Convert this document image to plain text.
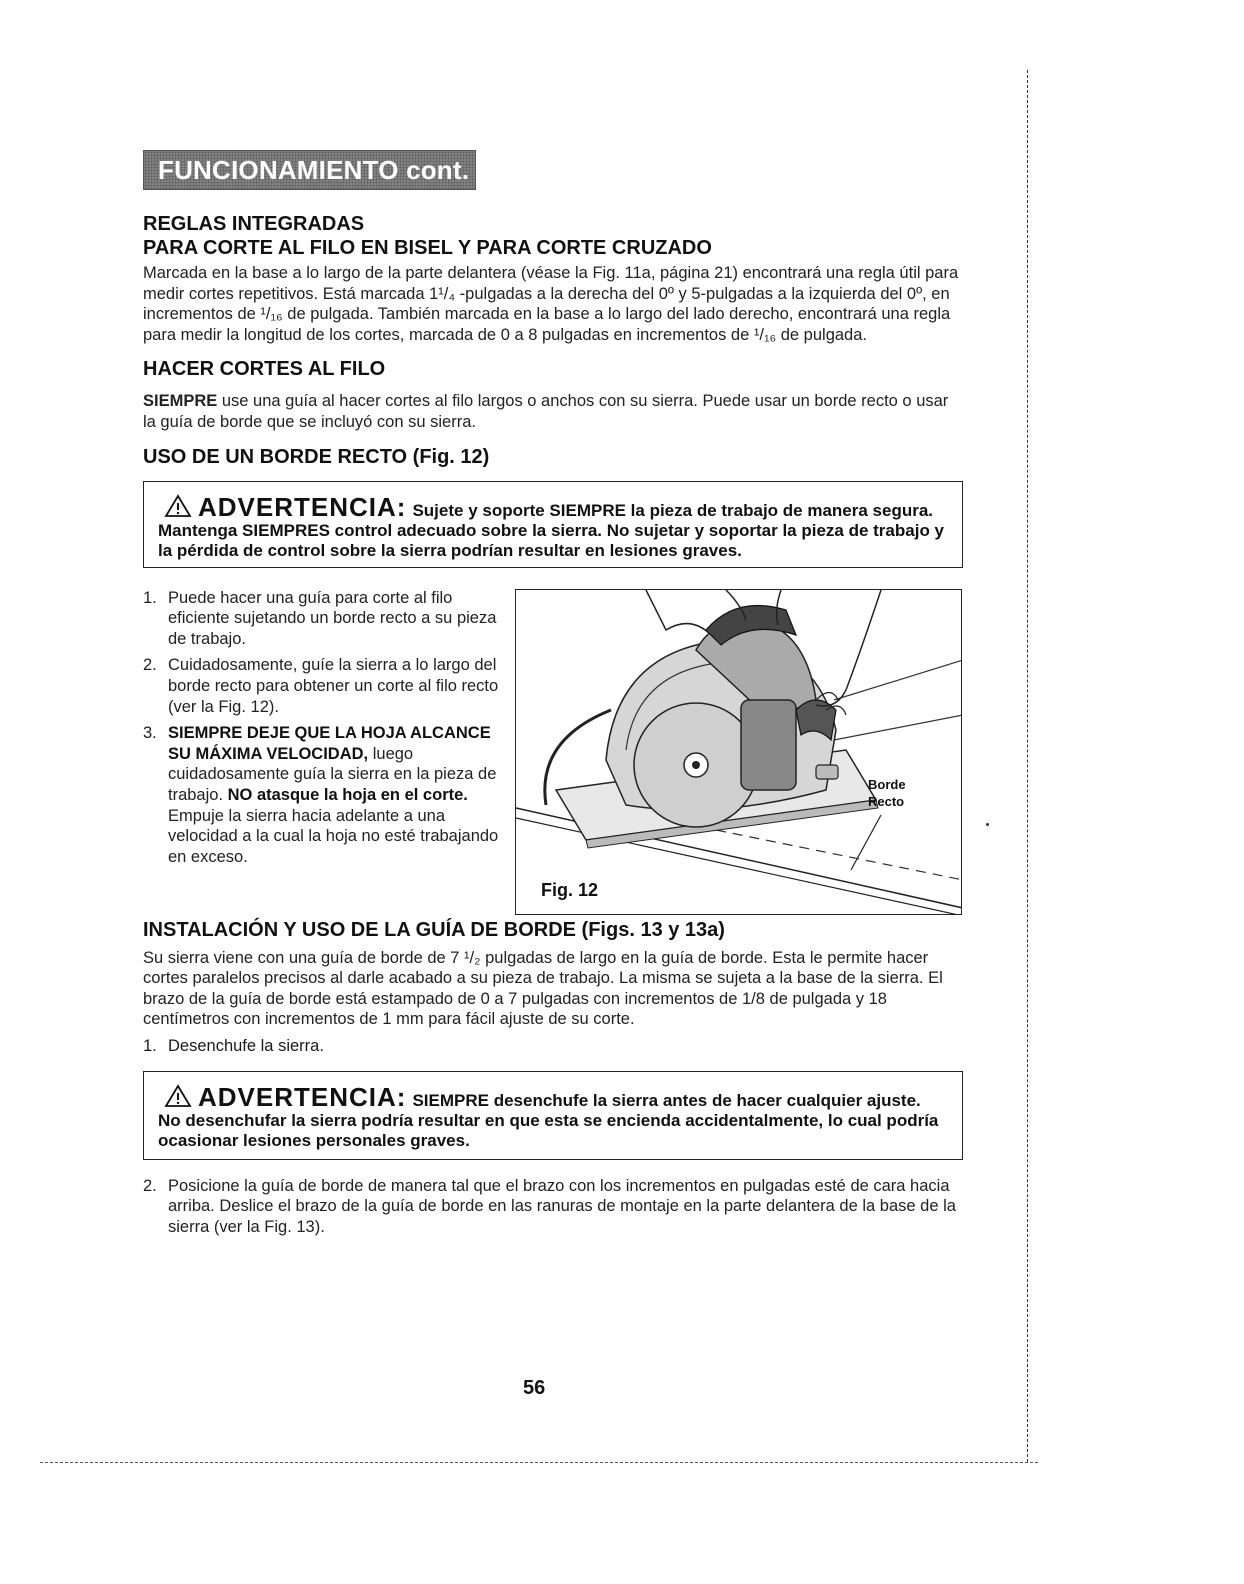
FUNCIONAMIENTO cont.
REGLAS INTEGRADAS
PARA CORTE AL FILO EN BISEL Y PARA CORTE CRUZADO

Marcada en la base a lo largo de la parte delantera (véase la Fig. 11a, página 21) encontrará una regla útil para medir cortes repetitivos. Está marcada 1¹/₄ -pulgadas a la derecha del 0º y 5-pulgadas a la izquierda del 0º, en incrementos de ¹/₁₆ de pulgada. También marcada en la base a lo largo del lado derecho, encontrará una regla para medir la longitud de los cortes, marcada de 0 a 8 pulgadas en incrementos de ¹/₁₆ de pulgada.

HACER CORTES AL FILO

SIEMPRE use una guía al hacer cortes al filo largos o anchos con su sierra. Puede usar un borde recto o usar la guía de borde que se incluyó con su sierra.

USO DE UN BORDE RECTO (Fig. 12)
ADVERTENCIA: Sujete y soporte SIEMPRE la pieza de trabajo de manera segura. Mantenga SIEMPRES control adecuado sobre la sierra. No sujetar y soportar la pieza de trabajo y la pérdida de control sobre la sierra podrían resultar en lesiones graves.
1. Puede hacer una guía para corte al filo eficiente sujetando un borde recto a su pieza de trabajo.
2. Cuidadosamente, guíe la sierra a lo largo del borde recto para obtener un corte al filo recto (ver la Fig. 12).
3. SIEMPRE DEJE QUE LA HOJA ALCANCE SU MÁXIMA VELOCIDAD, luego cuidadosamente guía la sierra en la pieza de trabajo. NO atasque la hoja en el corte. Empuje la sierra hacia adelante a una velocidad a la cual la hoja no esté trabajando en exceso.
Borde
Recto
Fig. 12
INSTALACIÓN Y USO DE LA GUÍA DE BORDE (Figs. 13 y 13a)

Su sierra viene con una guía de borde de 7 ¹/₂ pulgadas de largo en la guía de borde. Esta le permite hacer cortes paralelos precisos al darle acabado a su pieza de trabajo. La misma se sujeta a la base de la sierra. El brazo de la guía de borde está estampado de 0 a 7 pulgadas con incrementos de 1/8 de pulgada y 18 centímetros con incrementos de 1 mm para fácil ajuste de su corte.

1. Desenchufe la sierra.
ADVERTENCIA: SIEMPRE desenchufe la sierra antes de hacer cualquier ajuste. No desenchufar la sierra podría resultar en que esta se encienda accidentalmente, lo cual podría ocasionar lesiones personales graves.
2. Posicione la guía de borde de manera tal que el brazo con los incrementos en pulgadas esté de cara hacia arriba. Deslice el brazo de la guía de borde en las ranuras de montaje en la parte delantera de la base de la sierra (ver la Fig. 13).
56
